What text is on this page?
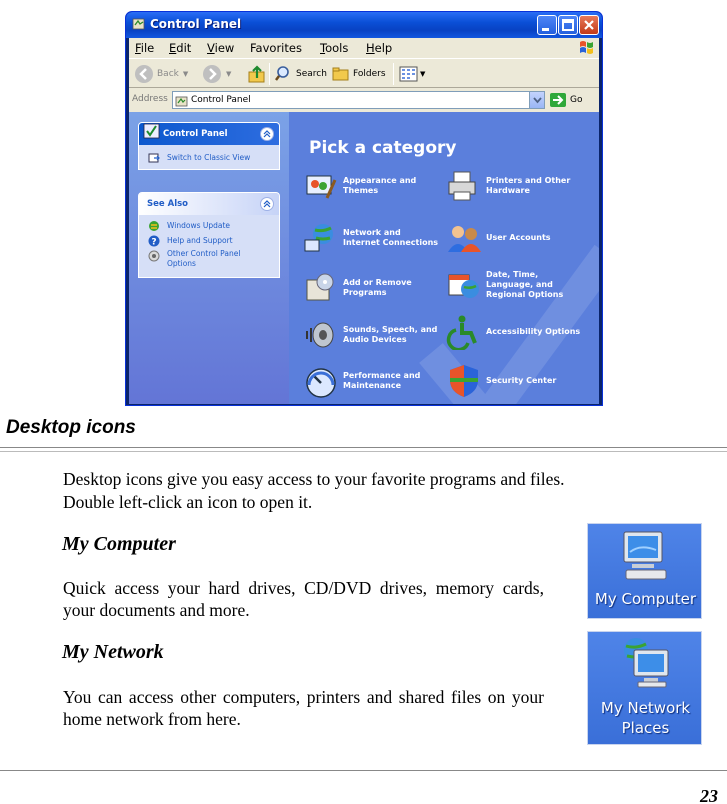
Control Panel
File Edit View Favorites Tools Help
Back ▼	▼	Search	Folders	▼
Address	Control Panel	Go
Control Panel
Switch to Classic View
See Also
Windows Update
? Help and Support
Other Control Panel Options
Pick a category
Appearance and Themes
Network and Internet Connections
Add or Remove Programs
Sounds, Speech, and Audio Devices
Performance and Maintenance
Printers and Other Hardware
User Accounts
Date, Time, Language, and Regional Options
Accessibility Options
Security Center
Desktop icons
Desktop icons give you easy access to your favorite programs and files.
Double left-click an icon to open it.
My Computer
Quick access your hard drives, CD/DVD drives, memory cards, your documents and more.
My Computer
My Network
You can access other computers, printers and shared files on your home network from here.
My Network
Places
23
